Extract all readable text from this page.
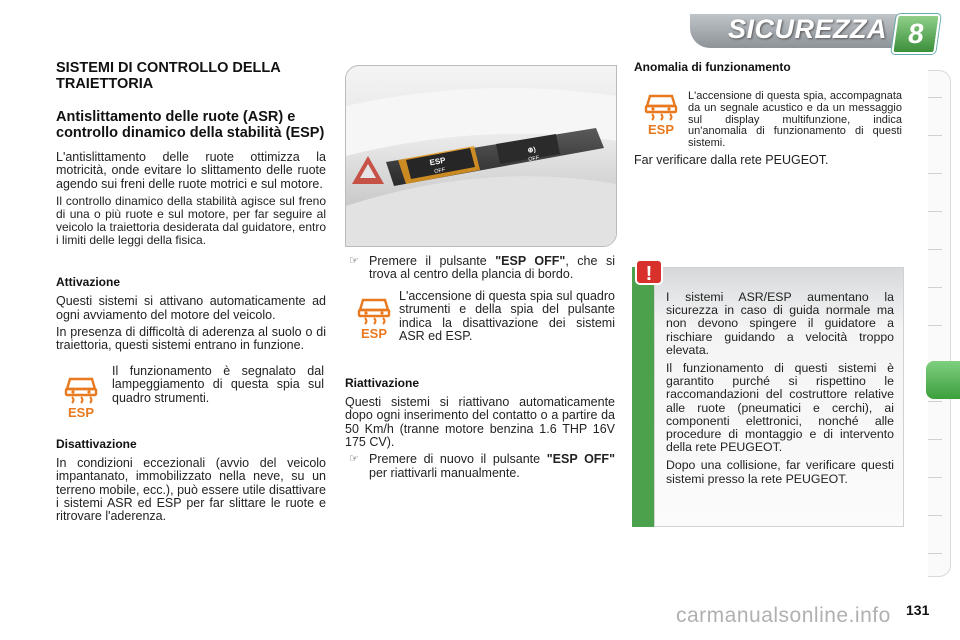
SICUREZZA 8
SISTEMI DI CONTROLLO DELLA TRAIETTORIA
Antislittamento delle ruote (ASR) e controllo dinamico della stabilità (ESP)

L'antislittamento delle ruote ottimizza la motricità, onde evitare lo slittamento delle ruote agendo sui freni delle ruote motrici e sul motore.

Il controllo dinamico della stabilità agisce sul freno di una o più ruote e sul motore, per far seguire al veicolo la traiettoria desiderata dal guidatore, entro i limiti delle leggi della fisica.

Attivazione

Questi sistemi si attivano automaticamente ad ogni avviamento del motore del veicolo.

In presenza di difficoltà di aderenza al suolo o di traiettoria, questi sistemi entrano in funzione.

ESP

Il funzionamento è segnalato dal lampeggiamento di questa spia sul quadro strumenti.

Disattivazione

In condizioni eccezionali (avvio del veicolo impantanato, immobilizzato nella neve, su un terreno mobile, ecc.), può essere utile disattivare i sistemi ASR ed ESP per far slittare le ruote e ritrovare l'aderenza.

ESP
OFF
⊕)
OFF
☞ Premere il pulsante "ESP OFF", che si trova al centro della plancia di bordo.
ESP

L'accensione di questa spia sul quadro strumenti e della spia del pulsante indica la disattivazione dei sistemi ASR ed ESP.

Riattivazione

Questi sistemi si riattivano automaticamente dopo ogni inserimento del contatto o a partire da 50 Km/h (tranne motore benzina 1.6 THP 16V 175 CV).

☞ Premere di nuovo il pulsante "ESP OFF" per riattivarli manualmente.
Anomalia di funzionamento
ESP

L'accensione di questa spia, accompagnata da un segnale acustico e da un messaggio sul display multifunzione, indica un'anomalia di funzionamento di questi sistemi.

Far verificare dalla rete PEUGEOT.

!

I sistemi ASR/ESP aumentano la sicurezza in caso di guida normale ma non devono spingere il guidatore a rischiare guidando a velocità troppo elevata.

Il funzionamento di questi sistemi è garantito purché si rispettino le raccomandazioni del costruttore relative alle ruote (pneumatici e cerchi), ai componenti elettronici, nonché alle procedure di montaggio e di intervento della rete PEUGEOT.

Dopo una collisione, far verificare questi sistemi presso la rete PEUGEOT.

carmanualsonline.info 131
